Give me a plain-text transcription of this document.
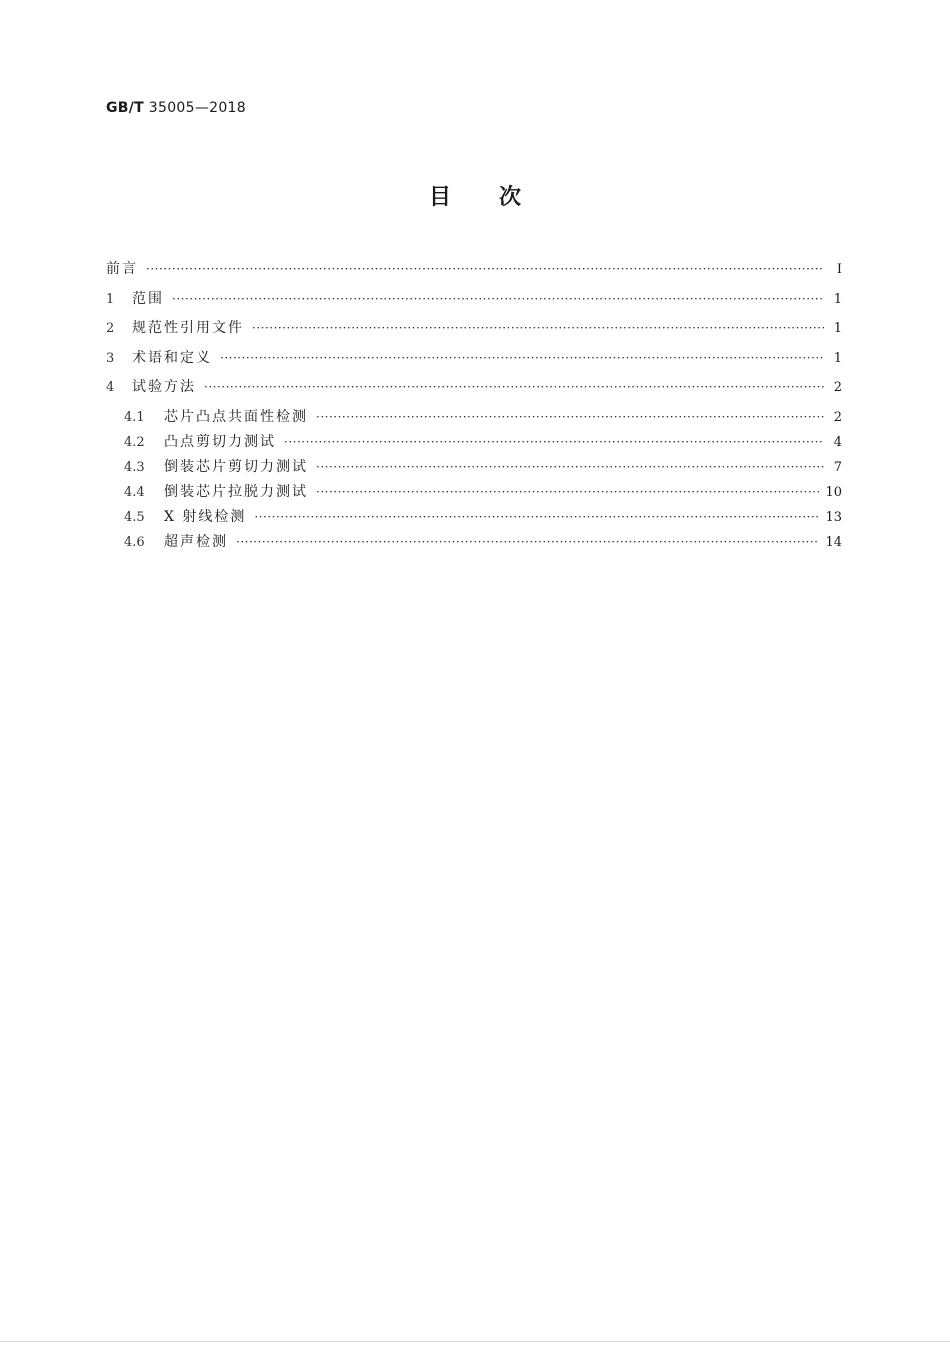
GB/T 35005—2018
目 次
前言 ·····	Ⅰ
1	范围 ·····	1
2	规范性引用文件 ·····	1
3	术语和定义 ·····	1
4	试验方法 ·····	2
4.1	芯片凸点共面性检测 ·····	2
4.2	凸点剪切力测试 ·····	4
4.3	倒装芯片剪切力测试 ·····	7
4.4	倒装芯片拉脱力测试 ·····	10
4.5	X 射线检测 ·····	13
4.6	超声检测 ·····	14
